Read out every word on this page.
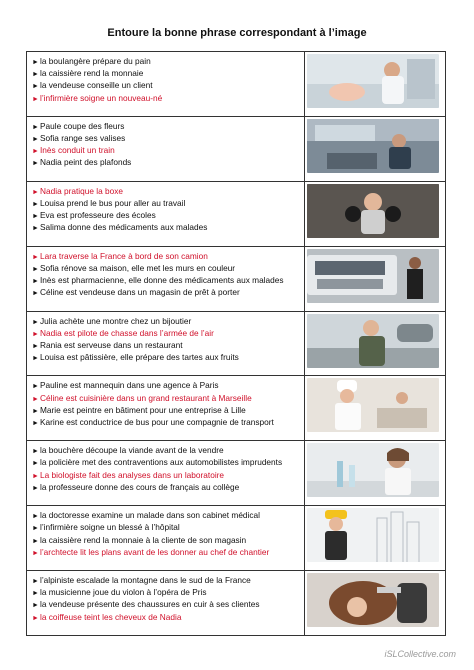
Entoure la bonne phrase correspondant à l’image
►la boulangère prépare du pain
►la caissière rend la monnaie
►la vendeuse conseille un client
►l’infirmière soigne un nouveau-né

►Paule coupe des fleurs
►Sofia range ses valises
►Inès conduit un train
►Nadia peint des plafonds

►Nadia pratique la boxe
►Louisa prend le bus pour aller au travail
►Eva est professeure des écoles
►Salima donne des médicaments aux malades

►Lara traverse la France à bord de son camion
►Sofia rénove sa maison, elle met les murs en couleur
►Inès est pharmacienne, elle donne des médicaments aux malades
►Céline est vendeuse dans un magasin de prêt à porter

►Julia achète une montre chez un bijoutier
►Nadia est pilote de chasse dans l’armée de l’air
►Rania est serveuse dans un restaurant
►Louisa est pâtissière, elle prépare des tartes aux fruits

►Pauline est mannequin dans une agence à Paris
►Céline est cuisinière dans un grand restaurant à Marseille
►Marie est peintre en bâtiment pour une entreprise à Lille
►Karine est conductrice de bus pour une compagnie de transport

►la bouchère découpe la viande avant de la vendre
►la policière met des contraventions aux automobilistes imprudents
►La biologiste fait des analyses dans un laboratoire
►la professeure donne des cours de français au collège

►la doctoresse examine un malade dans son cabinet médical
►l’infirmière soigne un blessé à l’hôpital
►la caissière rend la monnaie à la cliente de son magasin
►l’archtecte lit les plans avant de les donner au chef de chantier

►l’alpiniste escalade la montagne dans le sud de la France
►la musicienne joue du violon à l’opéra de Pris
►la vendeuse présente des chaussures en cuir à ses clientes
►la coiffeuse teint les cheveux de Nadia

iSLCollective.com
